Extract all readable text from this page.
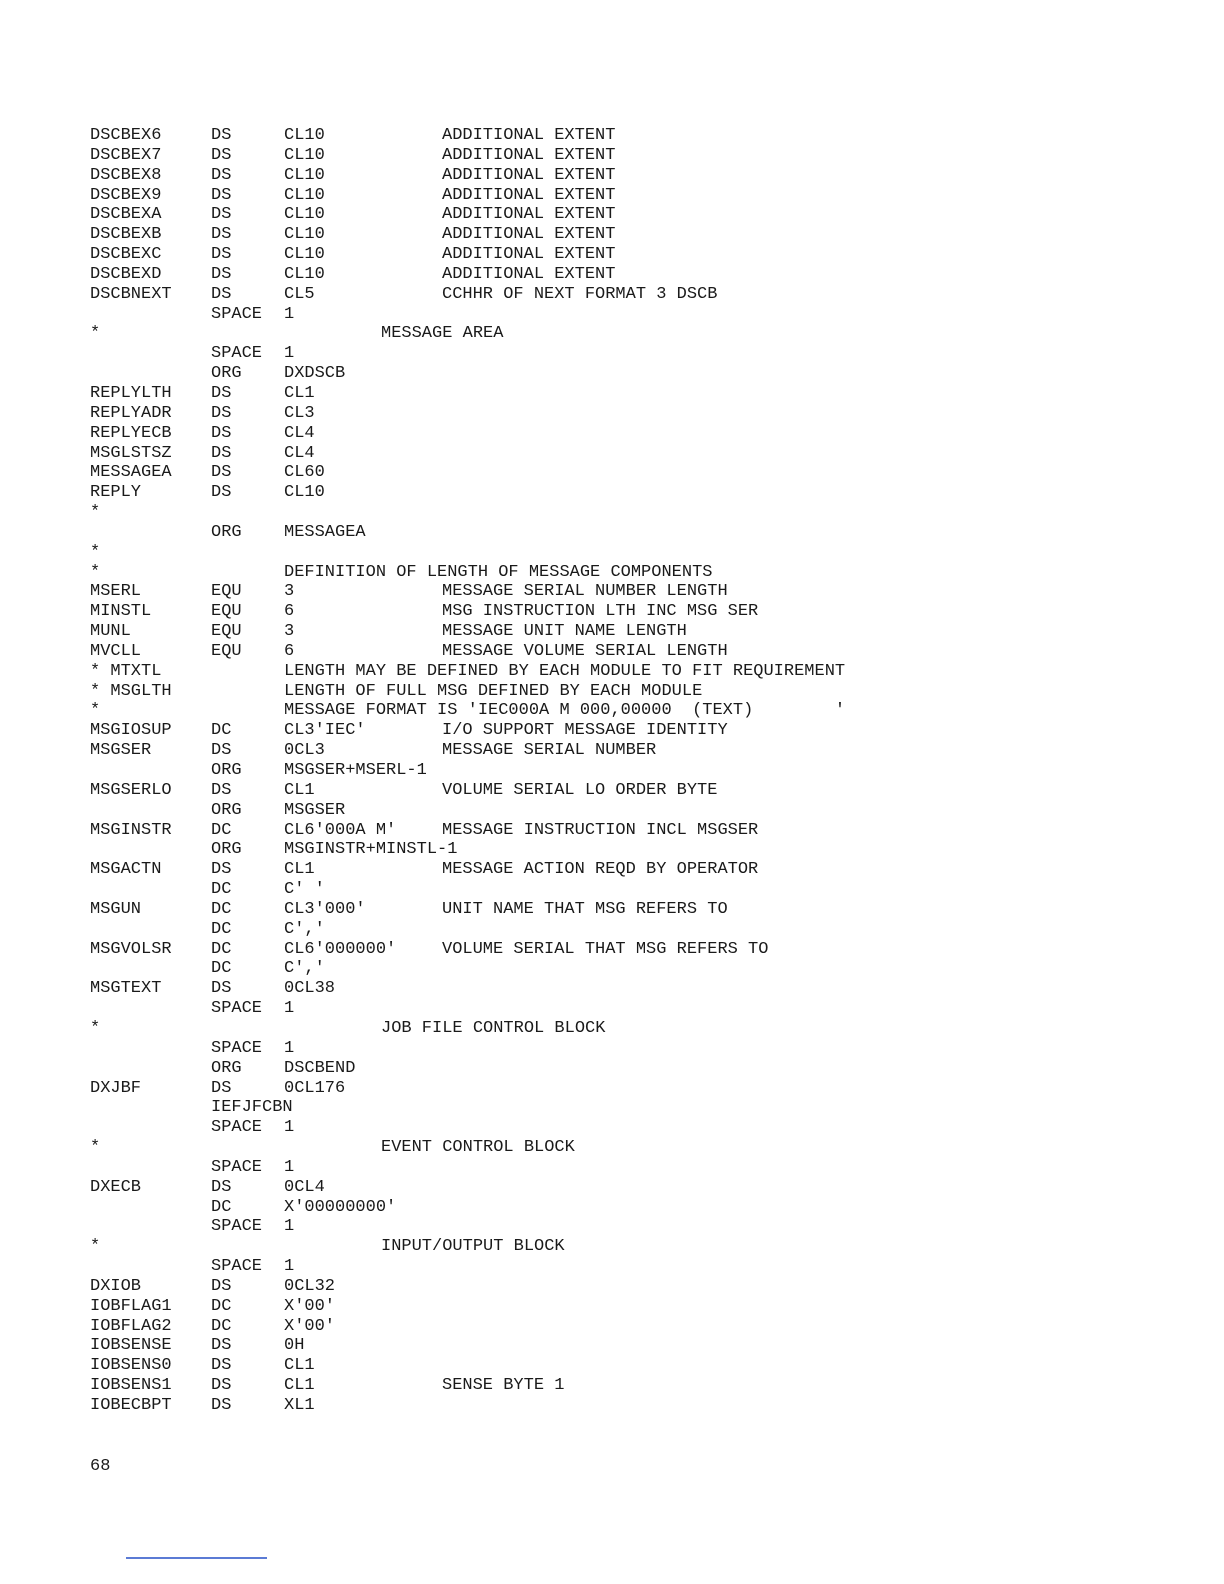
DSCBEX6	DS	CL10	ADDITIONAL EXTENT
DSCBEX7	DS	CL10	ADDITIONAL EXTENT
DSCBEX8	DS	CL10	ADDITIONAL EXTENT
DSCBEX9	DS	CL10	ADDITIONAL EXTENT
DSCBEXA	DS	CL10	ADDITIONAL EXTENT
DSCBEXB	DS	CL10	ADDITIONAL EXTENT
DSCBEXC	DS	CL10	ADDITIONAL EXTENT
DSCBEXD	DS	CL10	ADDITIONAL EXTENT
DSCBNEXT DS	CL5	CCHHR OF NEXT FORMAT 3 DSCB
SPACE 1
*	MESSAGE AREA
SPACE 1
ORG DXDSCB
REPLYLTH DS	CL1
REPLYADR DS	CL3
REPLYECB DS	CL4
MSGLSTSZ DS	CL4
MESSAGEA DS	CL60
REPLY	DS	CL10
*
ORG MESSAGEA
*
*	DEFINITION OF LENGTH OF MESSAGE COMPONENTS
MSERL	EQU 3	MESSAGE SERIAL NUMBER LENGTH
MINSTL	EQU 6	MSG INSTRUCTION LTH INC MSG SER
MUNL	EQU 3	MESSAGE UNIT NAME LENGTH
MVCLL	EQU 6	MESSAGE VOLUME SERIAL LENGTH
* MTXTL	LENGTH MAY BE DEFINED BY EACH MODULE TO FIT REQUIREMENT
* MSGLTH	LENGTH OF FULL MSG DEFINED BY EACH MODULE
*	MESSAGE FORMAT IS 'IEC000A M 000,00000  (TEXT)        '
MSGIOSUP DC	CL3'IEC'	I/O SUPPORT MESSAGE IDENTITY
MSGSER	DS	0CL3	MESSAGE SERIAL NUMBER
ORG MSGSER+MSERL-1
MSGSERLO DS	CL1	VOLUME SERIAL LO ORDER BYTE
ORG MSGSER
MSGINSTR DC	CL6'000A M'	MESSAGE INSTRUCTION INCL MSGSER
ORG MSGINSTR+MINSTL-1
MSGACTN	DS	CL1	MESSAGE ACTION REQD BY OPERATOR
DC	C' '
MSGUN	DC	CL3'000'	UNIT NAME THAT MSG REFERS TO
DC	C','
MSGVOLSR DC	CL6'000000'	VOLUME SERIAL THAT MSG REFERS TO
DC	C','
MSGTEXT	DS	0CL38
SPACE 1
*	JOB FILE CONTROL BLOCK
SPACE 1
ORG DSCBEND
DXJBF	DS	0CL176
IEFJFCBN
SPACE 1
*	EVENT CONTROL BLOCK
SPACE 1
DXECB	DS	0CL4
DC	X'00000000'
SPACE 1
*	INPUT/OUTPUT BLOCK
SPACE 1
DXIOB	DS	0CL32
IOBFLAG1 DC	X'00'
IOBFLAG2 DC	X'00'
IOBSENSE DS	0H
IOBSENS0 DS	CL1
IOBSENS1 DS	CL1	SENSE BYTE 1
IOBECBPT DS	XL1
68
